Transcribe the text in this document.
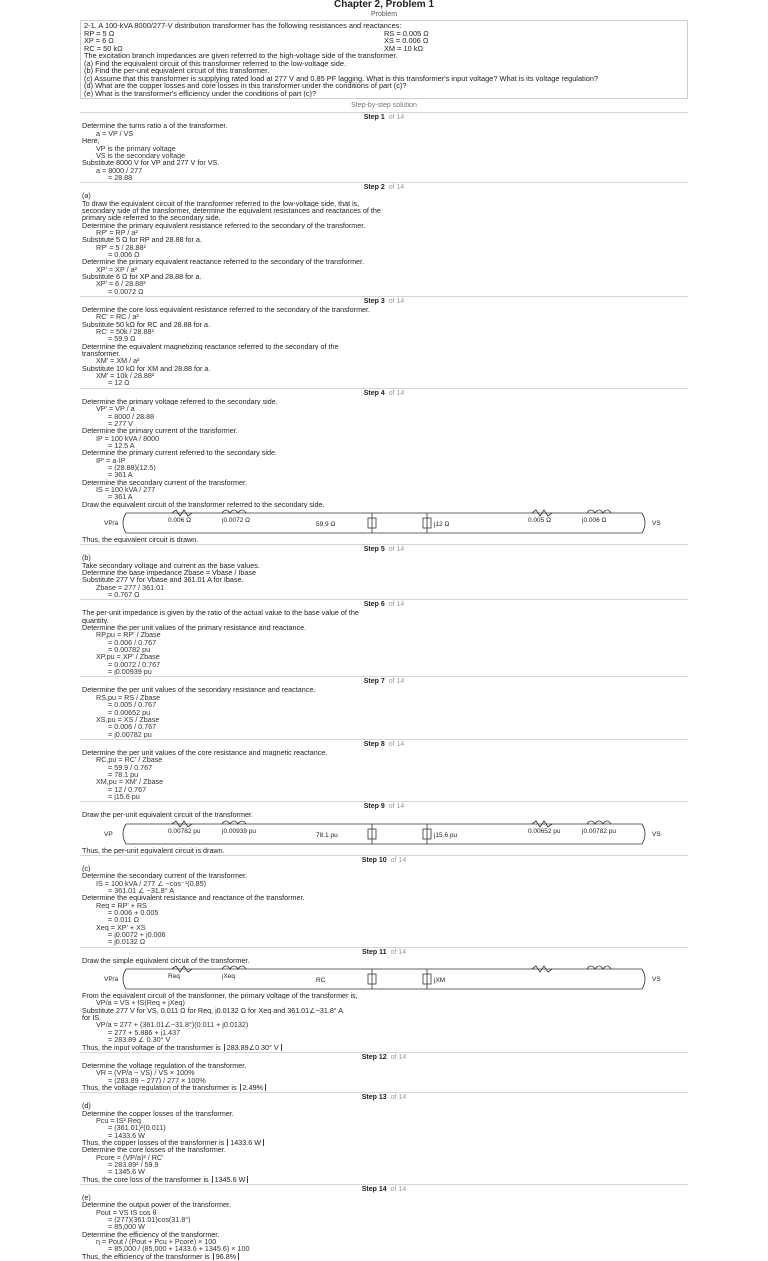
Chapter 2, Problem 1
Problem
2-1. A 100-kVA 8000/277-V distribution transformer has the following resistances and reactances:
RP = 5 Ω	RS = 0.005 Ω
XP = 6 Ω	XS = 0.006 Ω
RC = 50 kΩ	XM = 10 kΩ
The excitation branch impedances are given referred to the high-voltage side of the transformer.
(a) Find the equivalent circuit of this transformer referred to the low-voltage side.
(b) Find the per-unit equivalent circuit of this transformer.
(c) Assume that this transformer is supplying rated load at 277 V and 0.85 PF lagging. What is this transformer's input voltage? What is its voltage regulation?
(d) What are the copper losses and core losses in this transformer under the conditions of part (c)?
(e) What is the transformer's efficiency under the conditions of part (c)?
Step-by-step solution
Step 1 of 14
Determine the turns ratio a of the transformer.
a = VP / VS
Here,
VP is the primary voltage
VS is the secondary voltage
Substitute 8000 V for VP and 277 V for VS.
a = 8000 / 277
= 28.88
Step 2 of 14
(a)
To draw the equivalent circuit of the transformer referred to the low-voltage side, that is,
secondary side of the transformer, determine the equivalent resistances and reactances of the
primary side referred to the secondary side.
Determine the primary equivalent resistance referred to the secondary of the transformer.
RP' = RP / a²
Substitute 5 Ω for RP and 28.88 for a.
RP' = 5 / 28.88²
= 0.006 Ω
Determine the primary equivalent reactance referred to the secondary of the transformer.
XP' = XP / a²
Substitute 6 Ω for XP and 28.88 for a.
XP' = 6 / 28.88²
= 0.0072 Ω
Step 3 of 14
Determine the core loss equivalent resistance referred to the secondary of the transformer.
RC' = RC / a²
Substitute 50 kΩ for RC and 28.88 for a.
RC' = 50k / 28.88²
= 59.9 Ω
Determine the equivalent magnetizing reactance referred to the secondary of the
transformer.
XM' = XM / a²
Substitute 10 kΩ for XM and 28.88 for a.
XM' = 10k / 28.88²
= 12 Ω
Step 4 of 14
Determine the primary voltage referred to the secondary side.
VP' = VP / a
= 8000 / 28.88
= 277 V
Determine the primary current of the transformer.
IP = 100 kVA / 8000
= 12.5 A
Determine the primary current referred to the secondary side.
IP' = a·IP
= (28.88)(12.5)
= 361 A
Determine the secondary current of the transformer.
IS = 100 kVA / 277
= 361 A
Draw the equivalent circuit of the transformer referred to the secondary side.
VP/a	VS
0.006 Ω	j0.0072 Ω
59.9 Ω	j12 Ω
0.005 Ω	j0.006 Ω
Thus, the equivalent circuit is drawn.
Step 5 of 14
(b)
Take secondary voltage and current as the base values.
Determine the base impedance Zbase = Vbase / Ibase
Substitute 277 V for Vbase and 361.01 A for Ibase.
Zbase = 277 / 361.01
= 0.767 Ω
Step 6 of 14
The per-unit impedance is given by the ratio of the actual value to the base value of the
quantity.
Determine the per unit values of the primary resistance and reactance.
RP,pu = RP' / Zbase
= 0.006 / 0.767
= 0.00782 pu
XP,pu = XP' / Zbase
= 0.0072 / 0.767
= j0.00939 pu
Step 7 of 14
Determine the per unit values of the secondary resistance and reactance.
RS,pu = RS / Zbase
= 0.005 / 0.767
= 0.00652 pu
XS,pu = XS / Zbase
= 0.006 / 0.767
= j0.00782 pu
Step 8 of 14
Determine the per unit values of the core resistance and magnetic reactance.
RC,pu = RC' / Zbase
= 59.9 / 0.767
= 78.1 pu
XM,pu = XM' / Zbase
= 12 / 0.767
= j15.6 pu
Step 9 of 14
Draw the per-unit equivalent circuit of the transformer.
VP	VS
0.00782 pu	j0.00939 pu
78.1 pu	j15.6 pu
0.00652 pu	j0.00782 pu
Thus, the per-unit equivalent circuit is drawn.
Step 10 of 14
(c)
Determine the secondary current of the transformer.
IS = 100 kVA / 277 ∠ −cos⁻¹(0.85)
= 361.01 ∠ −31.8° A
Determine the equivalent resistance and reactance of the transformer.
Req = RP' + RS
= 0.006 + 0.005
= 0.011 Ω
Xeq = XP' + XS
= j0.0072 + j0.006
= j0.0132 Ω
Step 11 of 14
Draw the simple equivalent circuit of the transformer.
VP/a	VS
Req	jXeq
RC	jXM
From the equivalent circuit of the transformer, the primary voltage of the transformer is,
VP/a = VS + IS(Req + jXeq)
Substitute 277 V for VS, 0.011 Ω for Req, j0.0132 Ω for Xeq and 361.01∠−31.8° A
for IS.
VP/a = 277 + (361.01∠−31.8°)(0.011 + j0.0132)
= 277 + 5.886 + j1.437
= 283.89 ∠ 0.30° V
Thus, the input voltage of the transformer is 283.89∠0.30° V
Step 12 of 14
Determine the voltage regulation of the transformer.
VR = (VP/a − VS) / VS × 100%
= (283.89 − 277) / 277 × 100%
Thus, the voltage regulation of the transformer is 2.49%
Step 13 of 14
(d)
Determine the copper losses of the transformer.
Pcu = IS² Req
= (361.01)²(0.011)
= 1433.6 W
Thus, the copper losses of the transformer is 1433.6 W
Determine the core losses of the transformer.
Pcore = (VP/a)² / RC'
= 283.89² / 59.9
= 1345.6 W
Thus, the core loss of the transformer is 1345.6 W
Step 14 of 14
(e)
Determine the output power of the transformer.
Pout = VS IS cos θ
= (277)(361.01)cos(31.8°)
= 85,000 W
Determine the efficiency of the transformer.
η = Pout / (Pout + Pcu + Pcore) × 100
= 85,000 / (85,000 + 1433.6 + 1345.6) × 100
Thus, the efficiency of the transformer is 96.8%
